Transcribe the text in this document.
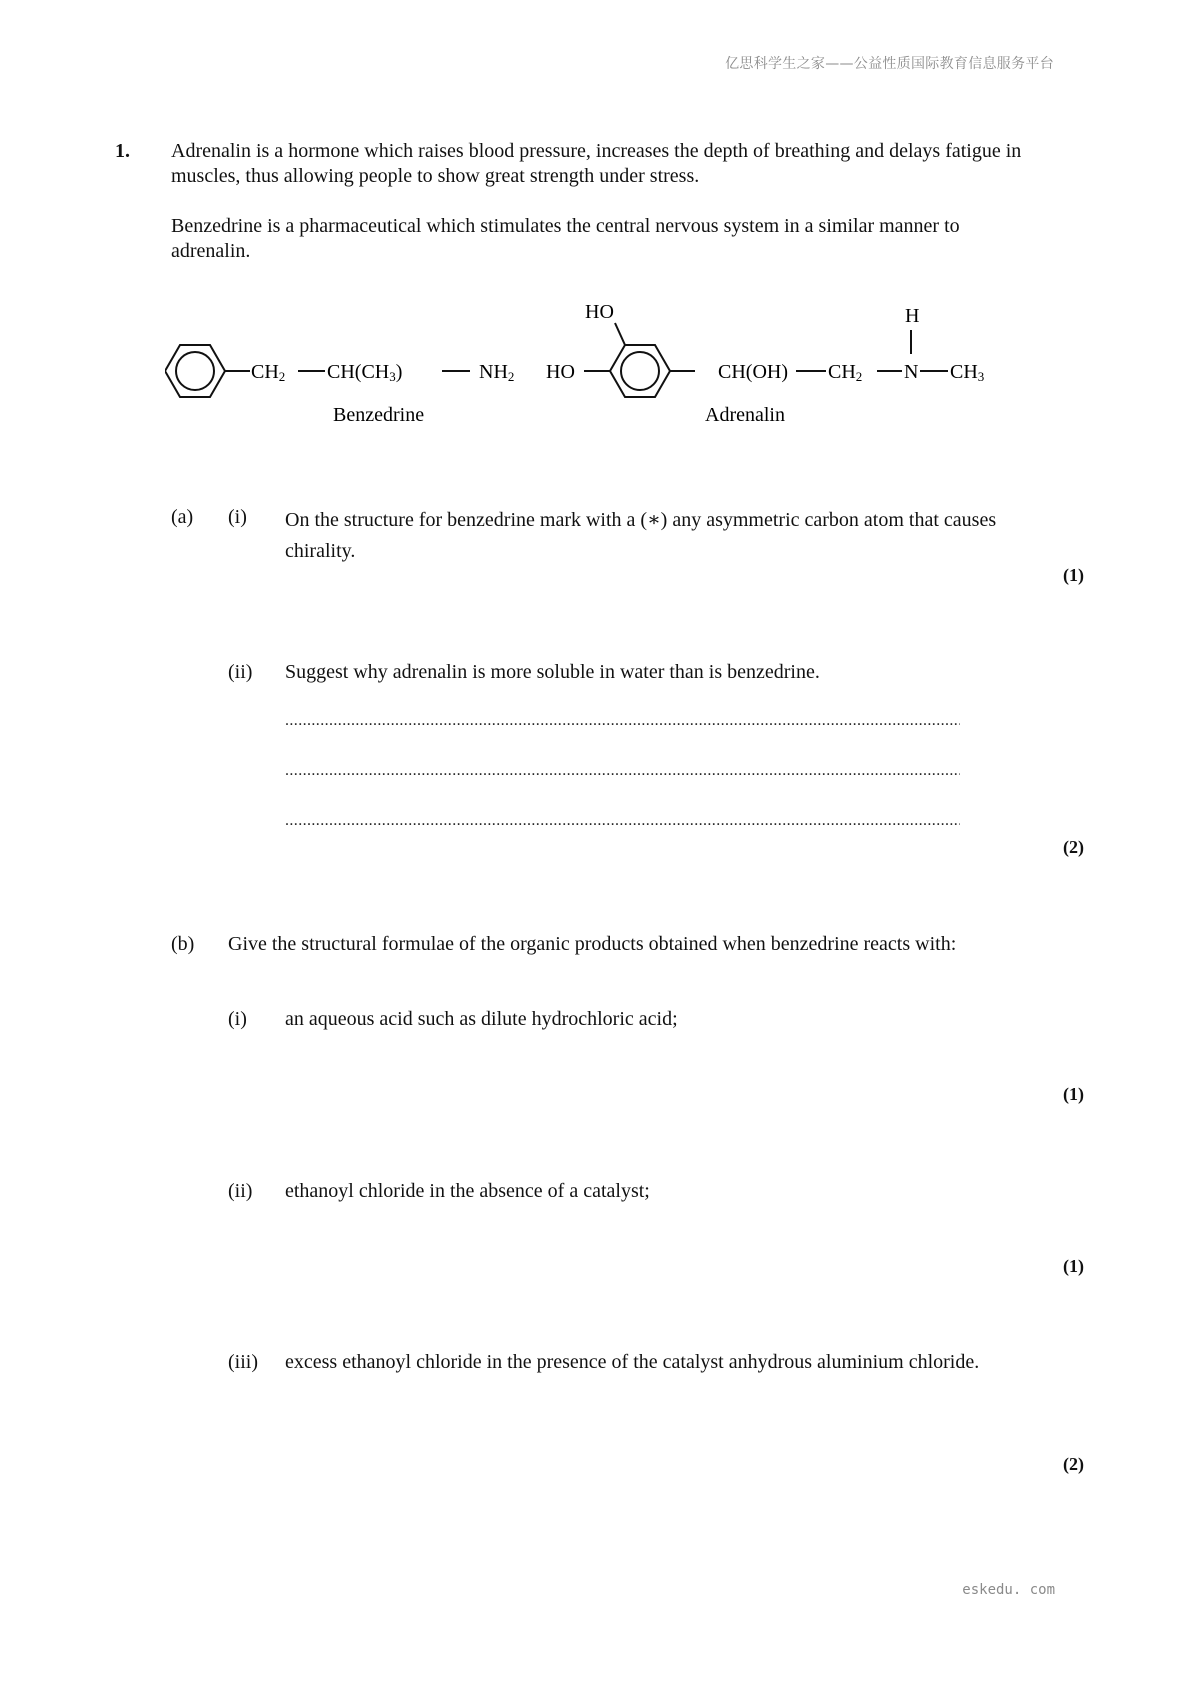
亿思科学生之家——公益性质国际教育信息服务平台

1. Adrenalin is a hormone which raises blood pressure, increases the depth of breathing and delays fatigue in muscles, thus allowing people to show great strength under stress.

Benzedrine is a pharmaceutical which stimulates the central nervous system in a similar manner to adrenalin.

CH2 CH(CH3)	NH2
Benzedrine
HO
HO
CH(OH) CH2 N
H
CH3
Adrenalin

(a) (i) On the structure for benzedrine mark with a (∗) any asymmetric carbon atom that causes chirality.

(1)

(ii) Suggest why adrenalin is more soluble in water than is benzedrine.

.....
.....
.....

(2)

(b) Give the structural formulae of the organic products obtained when benzedrine reacts with:

(i) an aqueous acid such as dilute hydrochloric acid;

(1)

(ii) ethanoyl chloride in the absence of a catalyst;

(1)

(iii) excess ethanoyl chloride in the presence of the catalyst anhydrous aluminium chloride.

(2)

eskedu. com
